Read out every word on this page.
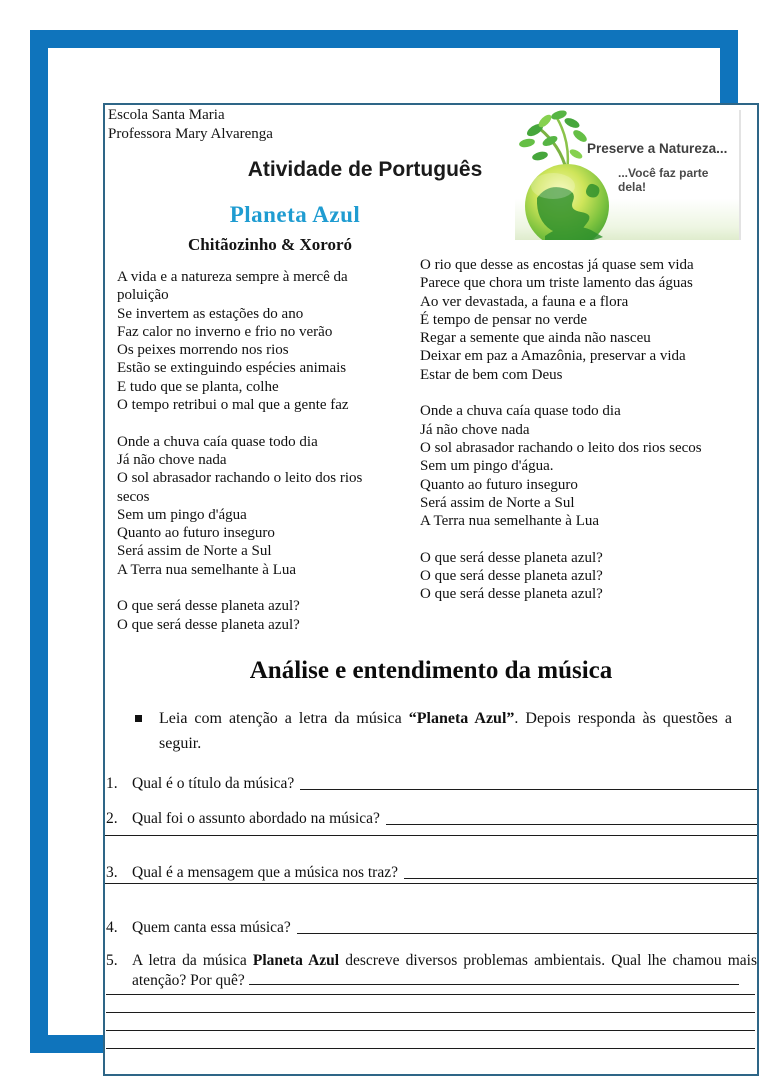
Escola Santa Maria
Professora Mary Alvarenga
Atividade de Português
Preserve a Natureza...
...Você faz parte dela!
Planeta Azul
Chitãozinho & Xororó
A vida e a natureza sempre à mercê da
poluição
Se invertem as estações do ano
Faz calor no inverno e frio no verão
Os peixes morrendo nos rios
Estão se extinguindo espécies animais
E tudo que se planta, colhe
O tempo retribui o mal que a gente faz

Onde a chuva caía quase todo dia
Já não chove nada
O sol abrasador rachando o leito dos rios
secos
Sem um pingo d'água
Quanto ao futuro inseguro
Será assim de Norte a Sul
A Terra nua semelhante à Lua

O que será desse planeta azul?
O que será desse planeta azul?
O rio que desse as encostas já quase sem vida
Parece que chora um triste lamento das águas
Ao ver devastada, a fauna e a flora
É tempo de pensar no verde
Regar a semente que ainda não nasceu
Deixar em paz a Amazônia, preservar a vida
Estar de bem com Deus

Onde a chuva caía quase todo dia
Já não chove nada
O sol abrasador rachando o leito dos rios secos
Sem um pingo d'água.
Quanto ao futuro inseguro
Será assim de Norte a Sul
A Terra nua semelhante à Lua

O que será desse planeta azul?
O que será desse planeta azul?
O que será desse planeta azul?
Análise e entendimento da música
Leia com atenção a letra da música “Planeta Azul”. Depois responda às questões a seguir.
1. Qual é o título da música?
2. Qual foi o assunto abordado na música?
3. Qual é a mensagem que a música nos traz?
4. Quem canta essa música?
5. A letra da música Planeta Azul descreve diversos problemas ambientais. Qual lhe chamou mais atenção? Por quê?
